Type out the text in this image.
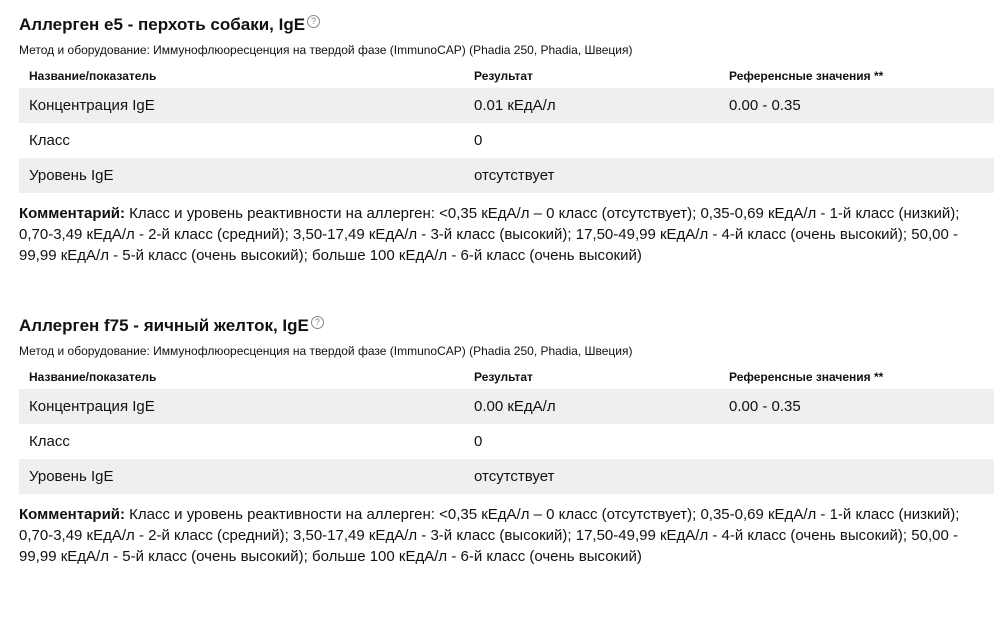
Аллерген e5 - перхоть собаки, IgE ?
Метод и оборудование: Иммунофлюоресценция на твердой фазе (ImmunoCAP) (Phadia 250, Phadia, Швеция)
Название/показатель	Результат	Референсные значения **
Концентрация IgE	0.01 кЕдА/л	0.00 - 0.35
Класс	0	
Уровень IgE	отсутствует	
Комментарий: Класс и уровень реактивности на аллерген: <0,35 кЕдА/л – 0 класс (отсутствует); 0,35-0,69 кЕдА/л - 1-й класс (низкий); 0,70-3,49 кЕдА/л - 2-й класс (средний); 3,50-17,49 кЕдА/л - 3-й класс (высокий); 17,50-49,99 кЕдА/л - 4-й класс (очень высокий); 50,00 - 99,99 кЕдА/л - 5-й класс (очень высокий); больше 100 кЕдА/л - 6-й класс (очень высокий)
Аллерген f75 - яичный желток, IgE ?
Метод и оборудование: Иммунофлюоресценция на твердой фазе (ImmunoCAP) (Phadia 250, Phadia, Швеция)
Название/показатель	Результат	Референсные значения **
Концентрация IgE	0.00 кЕдА/л	0.00 - 0.35
Класс	0	
Уровень IgE	отсутствует	
Комментарий: Класс и уровень реактивности на аллерген: <0,35 кЕдА/л – 0 класс (отсутствует); 0,35-0,69 кЕдА/л - 1-й класс (низкий); 0,70-3,49 кЕдА/л - 2-й класс (средний); 3,50-17,49 кЕдА/л - 3-й класс (высокий); 17,50-49,99 кЕдА/л - 4-й класс (очень высокий); 50,00 - 99,99 кЕдА/л - 5-й класс (очень высокий); больше 100 кЕдА/л - 6-й класс (очень высокий)
